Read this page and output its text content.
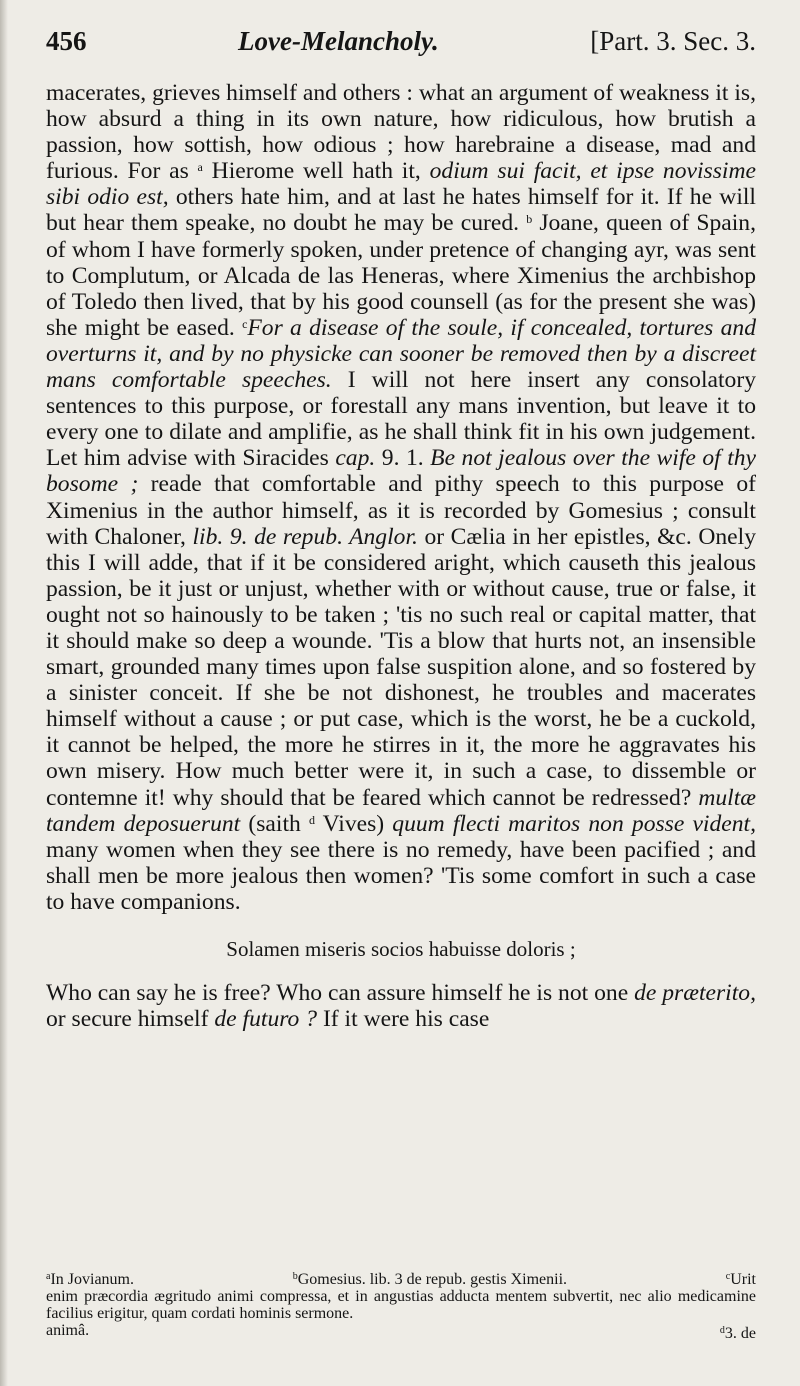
456	Love-Melancholy.	[Part. 3. Sec. 3.

macerates, grieves himself and others : what an argument of weakness it is, how absurd a thing in its own nature, how ridiculous, how brutish a passion, how sottish, how odious ; how harebraine a disease, mad and furious. For as $^a$ Hierome well hath it, odium sui facit, et ipse novissime sibi odio est, others hate him, and at last he hates himself for it. If he will but hear them speake, no doubt he may be cured. $^b$ Joane, queen of Spain, of whom I have formerly spoken, under pretence of changing ayr, was sent to Complutum, or Alcada de las Heneras, where Ximenius the archbishop of Toledo then lived, that by his good counsell (as for the present she was) she might be eased. $^c$For a disease of the soule, if concealed, tortures and overturns it, and by no physicke can sooner be removed then by a discreet mans comfortable speeches. I will not here insert any consolatory sentences to this purpose, or forestall any mans invention, but leave it to every one to dilate and amplifie, as he shall think fit in his own judgement. Let him advise with Siracides cap. 9. 1. Be not jealous over the wife of thy bosome ; reade that comfortable and pithy speech to this purpose of Ximenius in the author himself, as it is recorded by Gomesius ; consult with Chaloner, lib. 9. de repub. Anglor. or Cælia in her epistles, &c. Onely this I will adde, that if it be considered aright, which causeth this jealous passion, be it just or unjust, whether with or without cause, true or false, it ought not so hainously to be taken ; 'tis no such real or capital matter, that it should make so deep a wounde. 'Tis a blow that hurts not, an insensible smart, grounded many times upon false suspition alone, and so fostered by a sinister conceit. If she be not dishonest, he troubles and macerates himself without a cause ; or put case, which is the worst, he be a cuckold, it cannot be helped, the more he stirres in it, the more he aggravates his own misery. How much better were it, in such a case, to dissemble or contemne it! why should that be feared which cannot be redressed? multæ tandem deposuerunt (saith $^d$ Vives) quum flecti maritos non posse vident, many women when they see there is no remedy, have been pacified ; and shall men be more jealous then women? 'Tis some comfort in such a case to have companions.

Solamen miseris socios habuisse doloris ;

Who can say he is free? Who can assure himself he is not one de præterito, or secure himself de futuro ? If it were his case

$^a$In Jovianum.	$^b$Gomesius. lib. 3 de repub. gestis Ximenii.	$^c$Urit
enim præcordia ægritudo animi compressa, et in angustias adducta mentem subvertit, nec alio medicamine facilius erigitur, quam cordati hominis sermone.
animâ.	$^d$3. de
